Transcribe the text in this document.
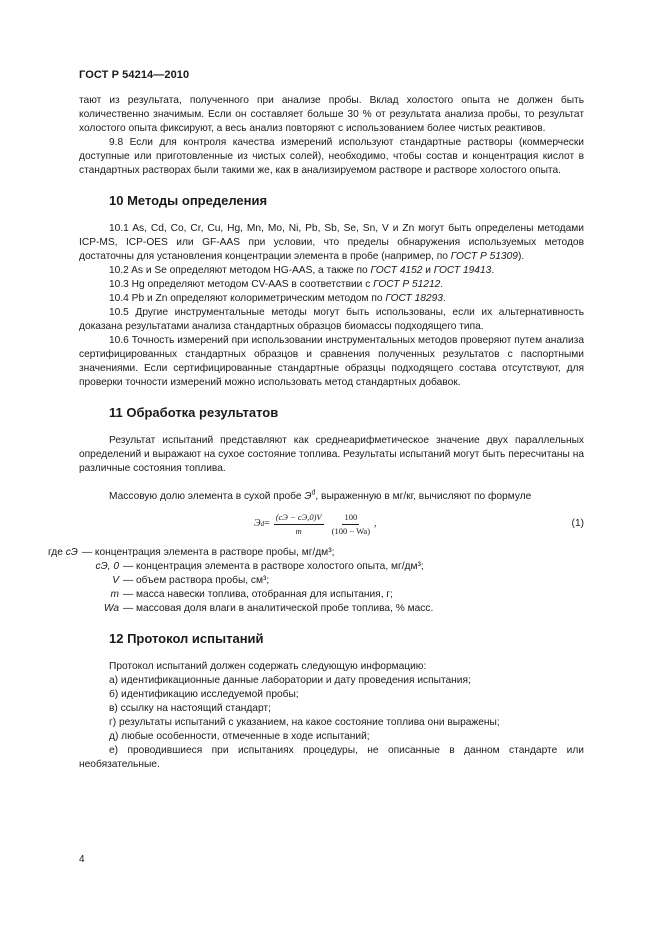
ГОСТ Р 54214—2010

тают из результата, полученного при анализе пробы. Вклад холостого опыта не должен быть количественно значимым. Если он составляет больше 30 % от результата анализа пробы, то результат холостого опыта фиксируют, а весь анализ повторяют с использованием более чистых реактивов.

9.8 Если для контроля качества измерений используют стандартные растворы (коммерчески доступные или приготовленные из чистых солей), необходимо, чтобы состав и концентрация кислот в стандартных растворах были такими же, как в анализируемом растворе и растворе холостого опыта.

10 Методы определения

10.1 As, Cd, Co, Cr, Cu, Hg, Mn, Mo, Ni, Pb, Sb, Se, Sn, V и Zn могут быть определены методами ICP-MS, ICP-OES или GF-AAS при условии, что пределы обнаружения используемых методов достаточны для установления концентрации элемента в пробе (например, по ГОСТ Р 51309).

10.2 As и Se определяют методом HG-AAS, а также по ГОСТ 4152 и ГОСТ 19413.

10.3 Hg определяют методом CV-AAS в соответствии с ГОСТ Р 51212.

10.4 Pb и Zn определяют колориметрическим методом по ГОСТ 18293.

10.5 Другие инструментальные методы могут быть использованы, если их альтернативность доказана результатами анализа стандартных образцов биомассы подходящего типа.

10.6 Точность измерений при использовании инструментальных методов проверяют путем анализа сертифицированных стандартных образцов и сравнения полученных результатов с паспортными значениями. Если сертифицированные стандартные образцы подходящего состава отсутствуют, для проверки точности измерений можно использовать метод стандартных добавок.

11 Обработка результатов

Результат испытаний представляют как среднеарифметическое значение двух параллельных определений и выражают на сухое состояние топлива. Результаты испытаний могут быть пересчитаны на различные состояния топлива.

Массовую долю элемента в сухой пробе $Э^d$, выраженную в мг/кг, вычисляют по формуле

Э $d = \frac{(cЭ - cЭ,0)V}{m} \frac{100}{(100 - Wa)}$ ,	(1)
где cЭ — концентрация элемента в растворе пробы, мг/дм³;
cЭ, 0 — концентрация элемента в растворе холостого опыта, мг/дм³;
V — объем раствора пробы, см³;
m — масса навески топлива, отобранная для испытания, г;
Wa — массовая доля влаги в аналитической пробе топлива, % масс.
12 Протокол испытаний

Протокол испытаний должен содержать следующую информацию:

а) идентификационные данные лаборатории и дату проведения испытания;

б) идентификацию исследуемой пробы;

в) ссылку на настоящий стандарт;

г) результаты испытаний с указанием, на какое состояние топлива они выражены;

д) любые особенности, отмеченные в ходе испытаний;

е) проводившиеся при испытаниях процедуры, не описанные в данном стандарте или необязательные.

4
